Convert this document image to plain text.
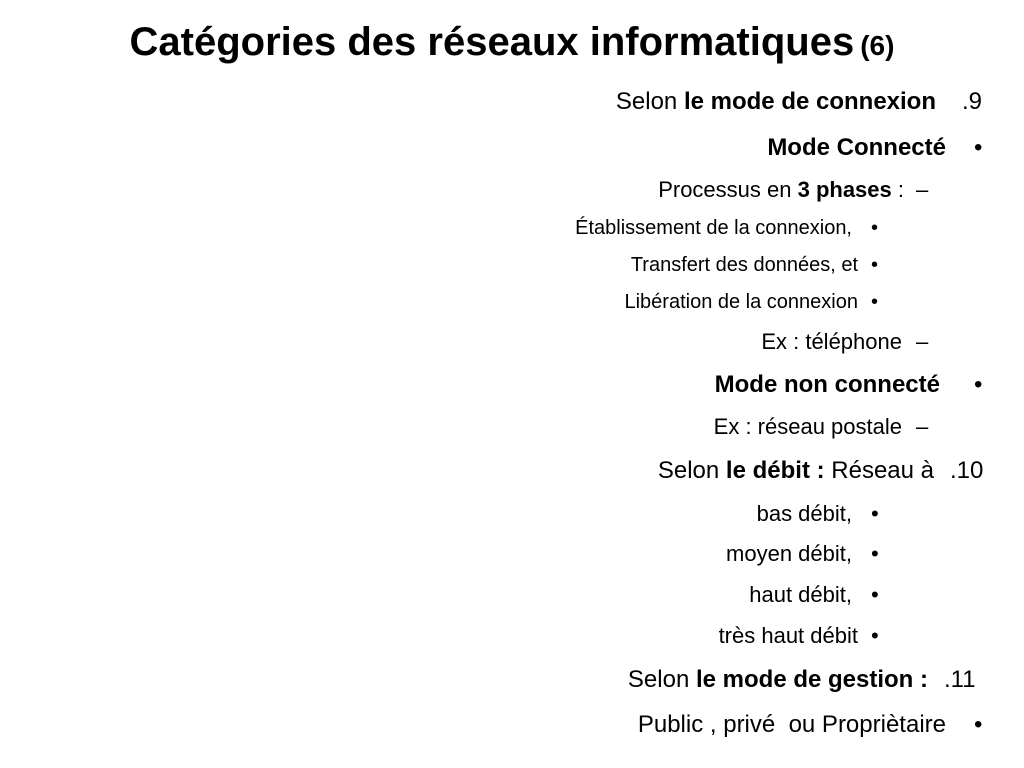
Catégories des réseaux informatiques (6)
Selon le mode de connexion .9
Mode Connecté •
Processus en 3 phases : –
Établissement de la connexion, •
Transfert des données, et •
Libération de la connexion •
Ex : téléphone –
Mode non connecté •
Ex : réseau postale –
Selon le débit : Réseau à .10
bas débit, •
moyen débit, •
haut débit, •
très haut débit •
Selon le mode de gestion : .11
Public , privé  ou Propriètaire •
